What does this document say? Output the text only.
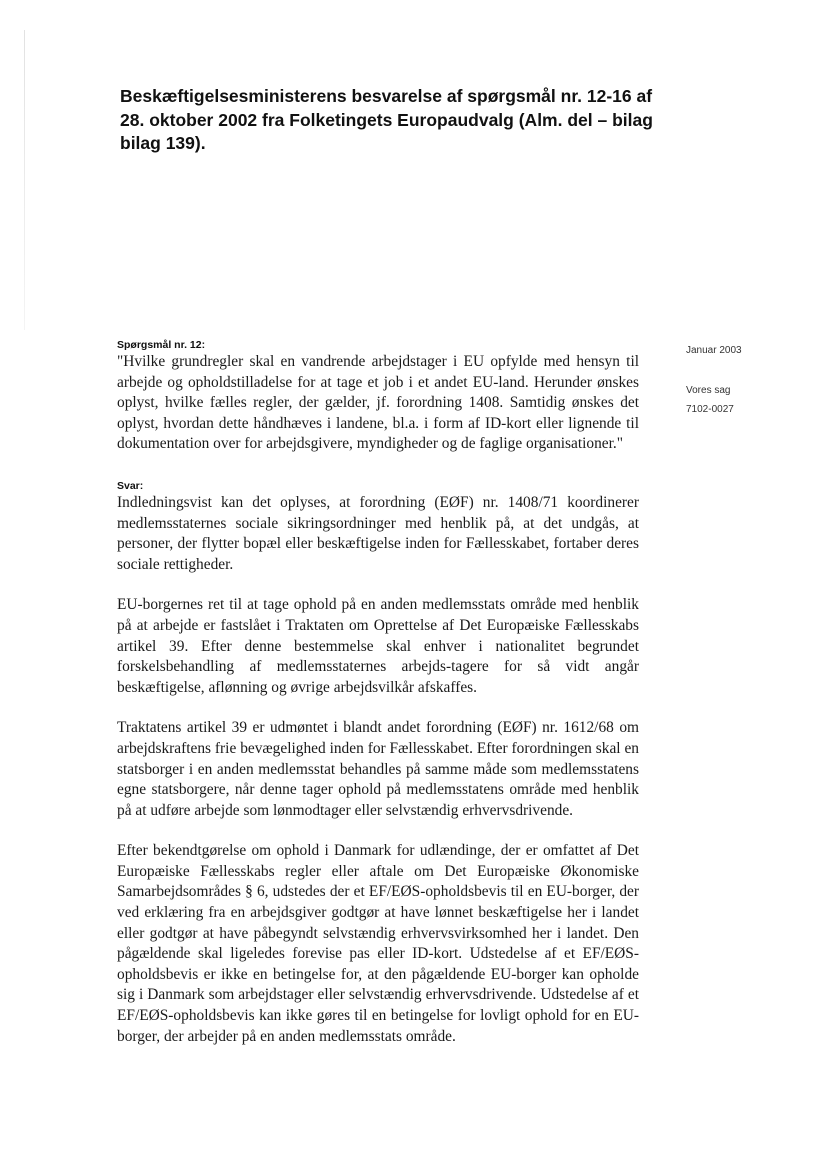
Beskæftigelsesministerens besvarelse af spørgsmål nr. 12-16 af 28. oktober 2002 fra Folketingets Europaudvalg (Alm. del – bilag bilag 139).
Januar 2003
Vores sag
7102-0027

Spørgsmål nr. 12:

"Hvilke grundregler skal en vandrende arbejdstager i EU opfylde med hensyn til arbejde og opholdstilladelse for at tage et job i et andet EU-land. Herunder ønskes oplyst, hvilke fælles regler, der gælder, jf. forordning 1408. Samtidig ønskes det oplyst, hvordan dette håndhæves i landene, bl.a. i form af ID-kort eller lignende til dokumentation over for arbejdsgivere, myndigheder og de faglige organisationer."

Svar:

Indledningsvist kan det oplyses, at forordning (EØF) nr. 1408/71 koordinerer medlemsstaternes sociale sikringsordninger med henblik på, at det undgås, at personer, der flytter bopæl eller beskæftigelse inden for Fællesskabet, fortaber deres sociale rettigheder.

EU-borgernes ret til at tage ophold på en anden medlemsstats område med henblik på at arbejde er fastslået i Traktaten om Oprettelse af Det Europæiske Fællesskabs artikel 39. Efter denne bestemmelse skal enhver i nationalitet begrundet forskelsbehandling af medlemsstaternes arbejds-tagere for så vidt angår beskæftigelse, aflønning og øvrige arbejdsvilkår afskaffes.

Traktatens artikel 39 er udmøntet i blandt andet forordning (EØF) nr. 1612/68 om arbejdskraftens frie bevægelighed inden for Fællesskabet. Efter forordningen skal en statsborger i en anden medlemsstat behandles på samme måde som medlemsstatens egne statsborgere, når denne tager ophold på medlemsstatens område med henblik på at udføre arbejde som lønmodtager eller selvstændig erhvervsdrivende.

Efter bekendtgørelse om ophold i Danmark for udlændinge, der er omfattet af Det Europæiske Fællesskabs regler eller aftale om Det Europæiske Økonomiske Samarbejdsområdes § 6, udstedes der et EF/EØS-opholdsbevis til en EU-borger, der ved erklæring fra en arbejdsgiver godtgør at have lønnet beskæftigelse her i landet eller godtgør at have påbegyndt selvstændig erhvervsvirksomhed her i landet. Den pågældende skal ligeledes forevise pas eller ID-kort. Udstedelse af et EF/EØS-opholdsbevis er ikke en betingelse for, at den pågældende EU-borger kan opholde sig i Danmark som arbejdstager eller selvstændig erhvervsdrivende. Udstedelse af et EF/EØS-opholdsbevis kan ikke gøres til en betingelse for lovligt ophold for en EU-borger, der arbejder på en anden medlemsstats område.
